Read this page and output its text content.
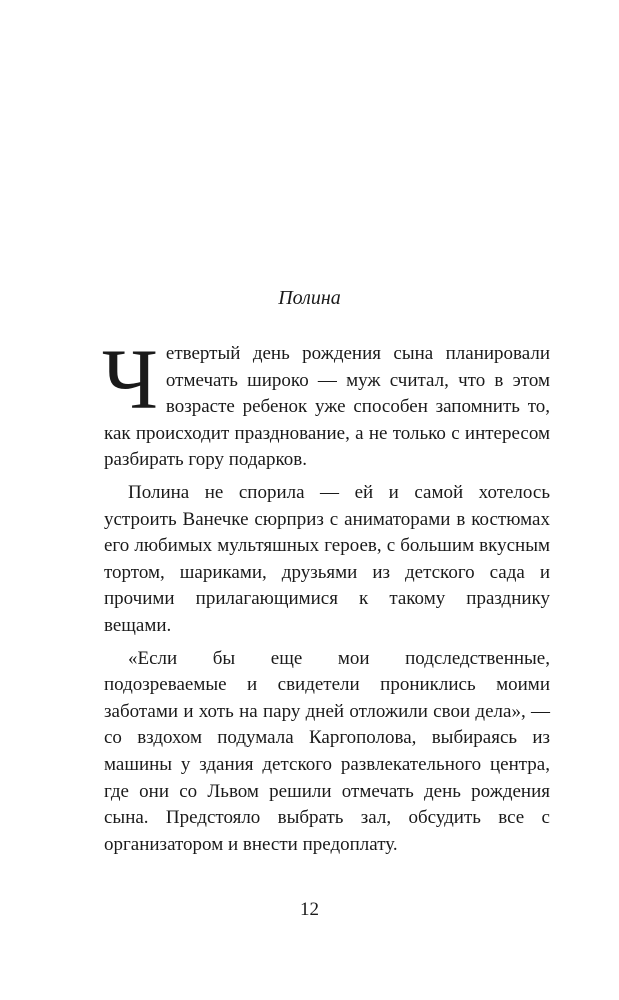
Полина

Четвертый день рождения сына планировали отмечать широко — муж считал, что в этом возрасте ребенок уже способен запомнить то, как происходит празднование, а не только с интересом разбирать гору подарков.

Полина не спорила — ей и самой хотелось устроить Ванечке сюрприз с аниматорами в костюмах его любимых мультяшных героев, с большим вкусным тортом, шариками, друзьями из детского сада и прочими прилагающимися к такому празднику вещами.

«Если бы еще мои подследственные, подозреваемые и свидетели прониклись моими заботами и хоть на пару дней отложили свои дела», — со вздохом подумала Каргополова, выбираясь из машины у здания детского развлекательного центра, где они со Львом решили отмечать день рождения сына. Предстояло выбрать зал, обсудить все с организатором и внести предоплату.

12
